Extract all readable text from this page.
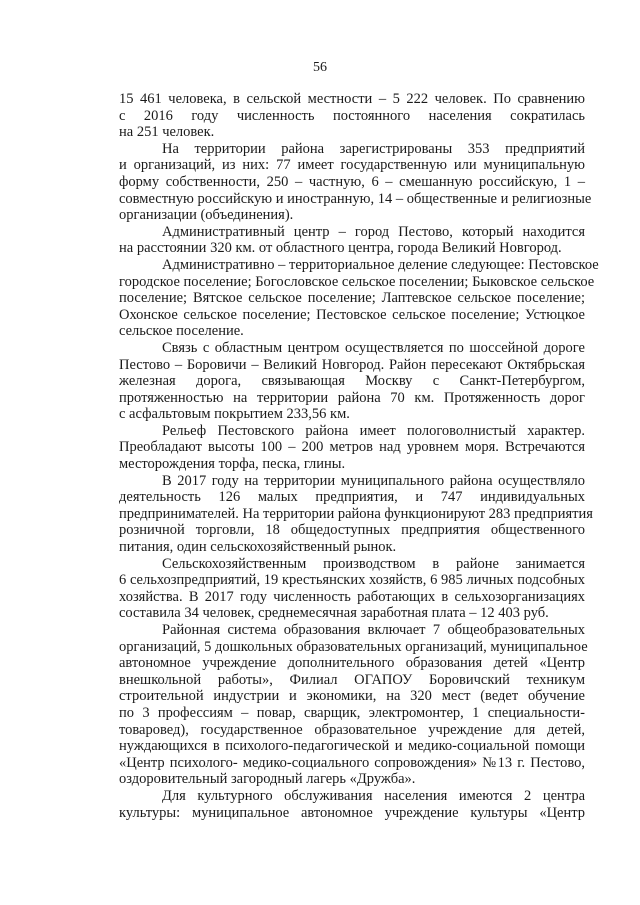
56
15 461 человека, в сельской местности – 5 222 человек. По сравнению
с 2016 году численность постоянного населения сократилась
на 251 человек.
На территории района зарегистрированы 353 предприятий
и организаций, из них: 77 имеет государственную или муниципальную
форму собственности, 250 – частную, 6 – смешанную российскую, 1 –
совместную российскую и иностранную, 14 – общественные и религиозные
организации (объединения).
Административный центр – город Пестово, который находится
на расстоянии 320 км. от областного центра, города Великий Новгород.
Административно – территориальное деление следующее: Пестовское
городское поселение; Богословское сельское поселении; Быковское сельское
поселение; Вятское сельское поселение; Лаптевское сельское поселение;
Охонское сельское поселение; Пестовское сельское поселение; Устюцкое
сельское поселение.
Связь с областным центром осуществляется по шоссейной дороге
Пестово – Боровичи – Великий Новгород. Район пересекают Октябрьская
железная дорога, связывающая Москву с Санкт-Петербургом,
протяженностью на территории района 70 км. Протяженность дорог
с асфальтовым покрытием 233,56 км.
Рельеф Пестовского района имеет пологоволнистый характер.
Преобладают высоты 100 – 200 метров над уровнем моря. Встречаются
месторождения торфа, песка, глины.
В 2017 году на территории муниципального района осуществляло
деятельность 126 малых предприятия, и 747 индивидуальных
предпринимателей. На территории района функционируют 283 предприятия
розничной торговли, 18 общедоступных предприятия общественного
питания, один сельскохозяйственный рынок.
Сельскохозяйственным производством в районе занимается
6 сельхозпредприятий, 19 крестьянских хозяйств, 6 985 личных подсобных
хозяйства. В 2017 году численность работающих в сельхозорганизациях
составила 34 человек, среднемесячная заработная плата – 12 403 руб.
Районная система образования включает 7 общеобразовательных
организаций, 5 дошкольных образовательных организаций, муниципальное
автономное учреждение дополнительного образования детей «Центр
внешкольной работы», Филиал ОГАПОУ Боровичский техникум
строительной индустрии и экономики, на 320 мест (ведет обучение
по 3 профессиям – повар, сварщик, электромонтер, 1 специальности-
товаровед), государственное образовательное учреждение для детей,
нуждающихся в психолого-педагогической и медико-социальной помощи
«Центр психолого- медико-социального сопровождения» №13 г. Пестово,
оздоровительный загородный лагерь «Дружба».
Для культурного обслуживания населения имеются 2 центра
культуры: муниципальное автономное учреждение культуры «Центр
